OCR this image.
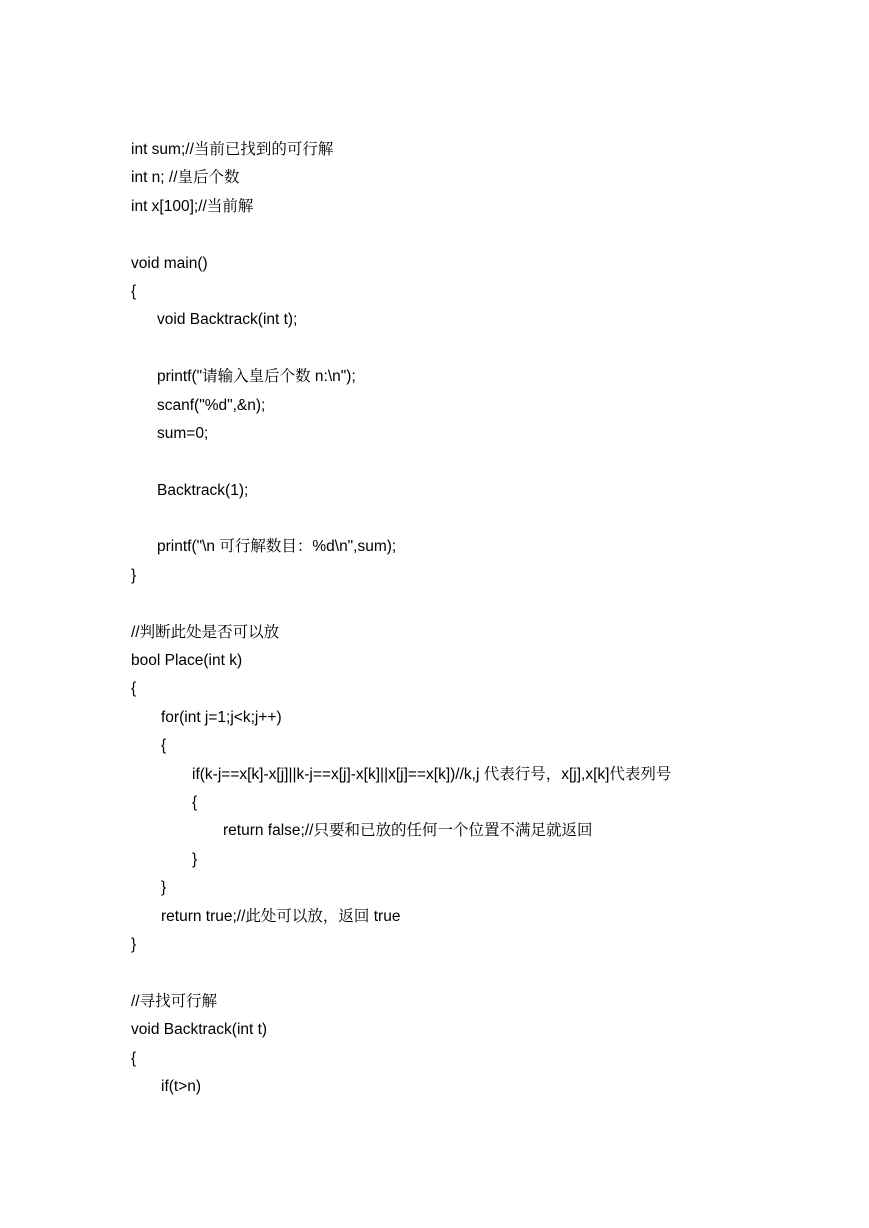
int sum;//当前已找到的可行解
int n; //皇后个数
int x[100];//当前解
void main()
{
void Backtrack(int t);
printf("请输入皇后个数 n:\n");
scanf("%d",&n);
sum=0;
Backtrack(1);
printf("\n 可行解数目：%d\n",sum);
}
//判断此处是否可以放
bool Place(int k)
{
for(int j=1;j<k;j++)
{
if(k-j==x[k]-x[j]||k-j==x[j]-x[k]||x[j]==x[k])//k,j 代表行号，x[j],x[k]代表列号
{
return false;//只要和已放的任何一个位置不满足就返回
}
}
return true;//此处可以放，返回 true
}
//寻找可行解
void Backtrack(int t)
{
if(t>n)
